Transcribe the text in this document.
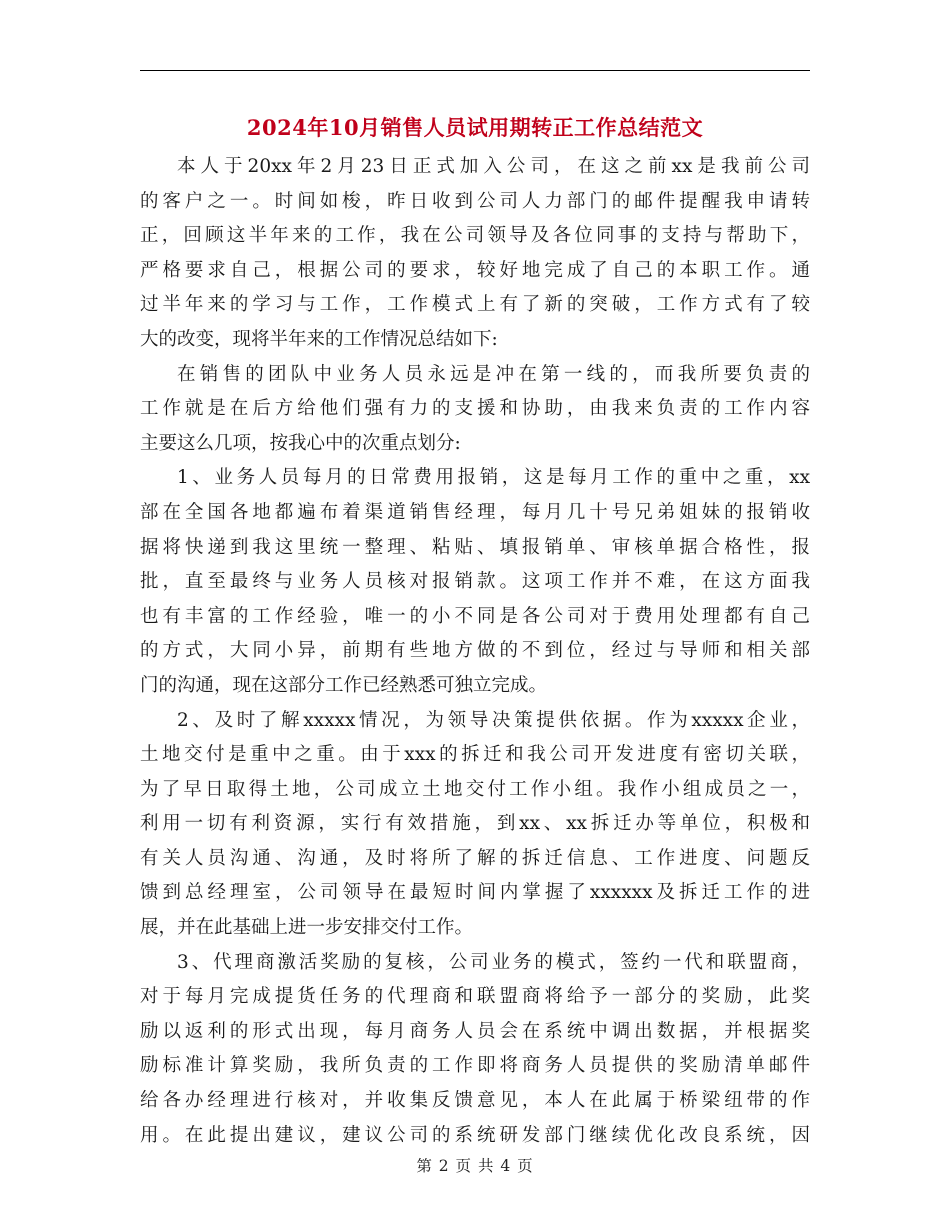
2024年10月销售人员试用期转正工作总结范文
本人于20xx年2月23日正式加入公司，在这之前xx是我前公司
的客户之一。时间如梭，昨日收到公司人力部门的邮件提醒我申请转
正，回顾这半年来的工作，我在公司领导及各位同事的支持与帮助下，
严格要求自己，根据公司的要求，较好地完成了自己的本职工作。通
过半年来的学习与工作，工作模式上有了新的突破，工作方式有了较
大的改变，现将半年来的工作情况总结如下:
在销售的团队中业务人员永远是冲在第一线的，而我所要负责的
工作就是在后方给他们强有力的支援和协助，由我来负责的工作内容
主要这么几项，按我心中的次重点划分:
1、业务人员每月的日常费用报销，这是每月工作的重中之重，xx
部在全国各地都遍布着渠道销售经理，每月几十号兄弟姐妹的报销收
据将快递到我这里统一整理、粘贴、填报销单、审核单据合格性，报
批，直至最终与业务人员核对报销款。这项工作并不难，在这方面我
也有丰富的工作经验，唯一的小不同是各公司对于费用处理都有自己
的方式，大同小异，前期有些地方做的不到位，经过与导师和相关部
门的沟通，现在这部分工作已经熟悉可独立完成。
2、及时了解xxxxx情况，为领导决策提供依据。作为xxxxx企业，
土地交付是重中之重。由于xxx的拆迁和我公司开发进度有密切关联，
为了早日取得土地，公司成立土地交付工作小组。我作小组成员之一，
利用一切有利资源，实行有效措施，到xx、xx拆迁办等单位，积极和
有关人员沟通、沟通，及时将所了解的拆迁信息、工作进度、问题反
馈到总经理室，公司领导在最短时间内掌握了xxxxxx及拆迁工作的进
展，并在此基础上进一步安排交付工作。
3、代理商激活奖励的复核，公司业务的模式，签约一代和联盟商，
对于每月完成提货任务的代理商和联盟商将给予一部分的奖励，此奖
励以返利的形式出现，每月商务人员会在系统中调出数据，并根据奖
励标准计算奖励，我所负责的工作即将商务人员提供的奖励清单邮件
给各办经理进行核对，并收集反馈意见，本人在此属于桥梁纽带的作
用。在此提出建议，建议公司的系统研发部门继续优化改良系统，因
第 2 页 共 4 页
